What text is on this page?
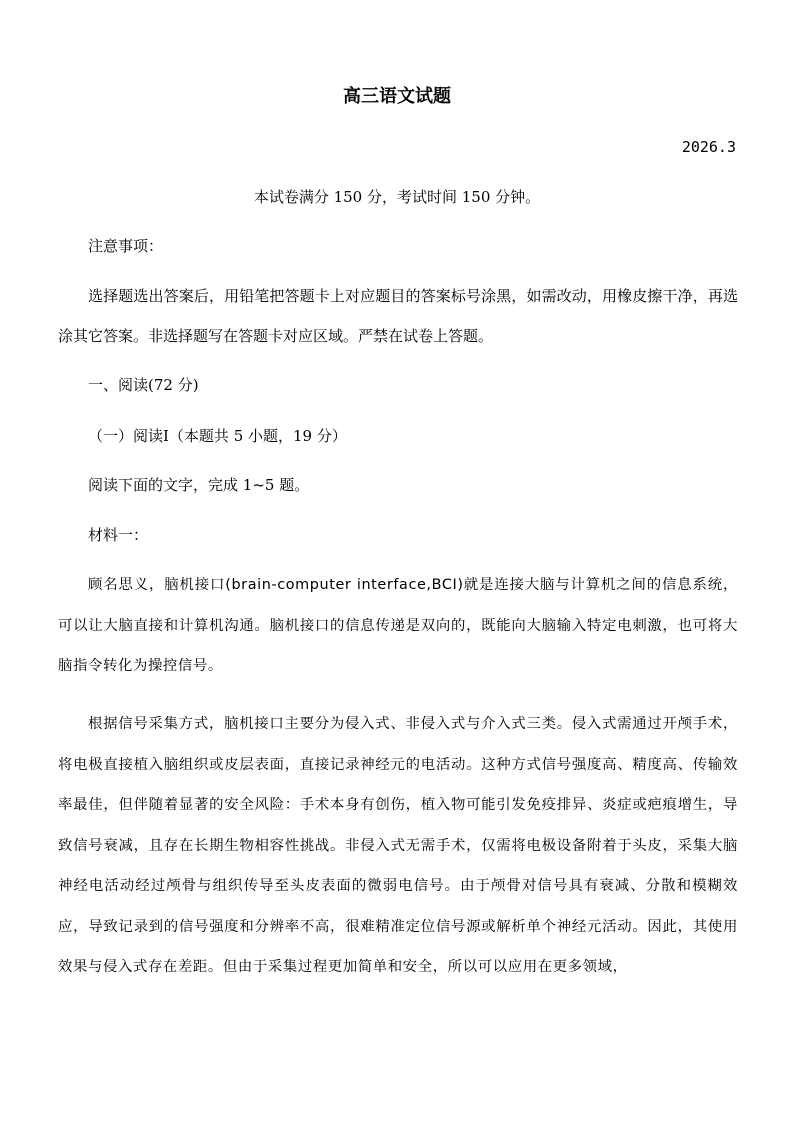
高三语文试题
2026.3
本试卷满分 150 分，考试时间 150 分钟。
注意事项：
选择题选出答案后，用铅笔把答题卡上对应题目的答案标号涂黑，如需改动，用橡皮擦干净，再选涂其它答案。非选择题写在答题卡对应区域。严禁在试卷上答题。
一、阅读(72 分)
（一）阅读Ⅰ（本题共 5 小题，19 分）
阅读下面的文字，完成 1~5 题。
材料一：
顾名思义，脑机接口(brain-computer interface,BCI)就是连接大脑与计算机之间的信息系统，可以让大脑直接和计算机沟通。脑机接口的信息传递是双向的，既能向大脑输入特定电刺激，也可将大脑指令转化为操控信号。
根据信号采集方式，脑机接口主要分为侵入式、非侵入式与介入式三类。侵入式需通过开颅手术，将电极直接植入脑组织或皮层表面，直接记录神经元的电活动。这种方式信号强度高、精度高、传输效率最佳，但伴随着显著的安全风险：手术本身有创伤，植入物可能引发免疫排异、炎症或疤痕增生，导致信号衰减，且存在长期生物相容性挑战。非侵入式无需手术，仅需将电极设备附着于头皮，采集大脑神经电活动经过颅骨与组织传导至头皮表面的微弱电信号。由于颅骨对信号具有衰减、分散和模糊效应，导致记录到的信号强度和分辨率不高，很难精准定位信号源或解析单个神经元活动。因此，其使用效果与侵入式存在差距。但由于采集过程更加简单和安全，所以可以应用在更多领域，
